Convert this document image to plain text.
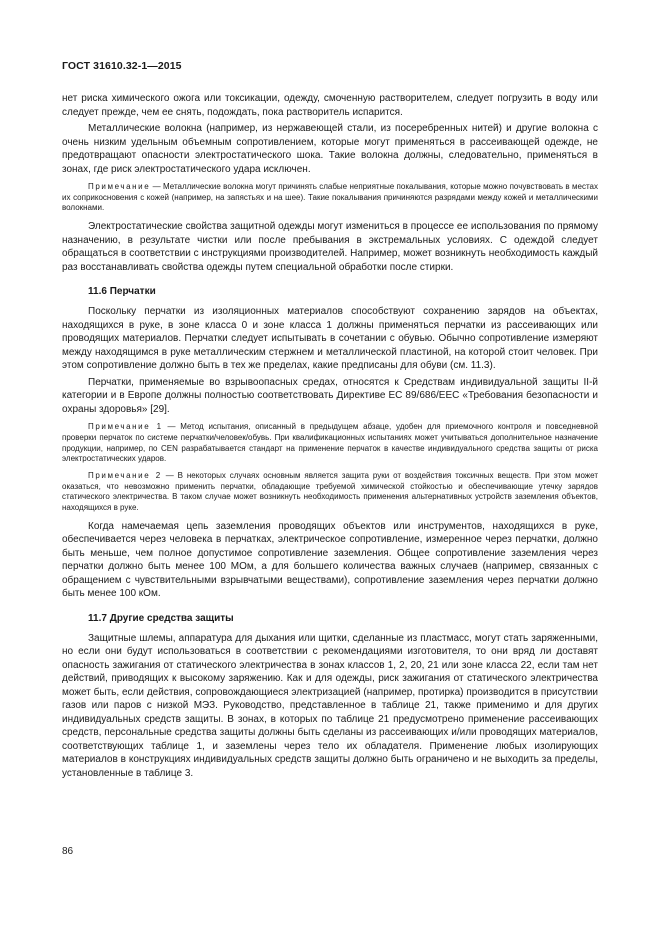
ГОСТ 31610.32-1—2015

нет риска химического ожога или токсикации, одежду, смоченную растворителем, следует погрузить в воду или следует прежде, чем ее снять, подождать, пока растворитель испарится.

Металлические волокна (например, из нержавеющей стали, из посеребренных нитей) и другие волокна с очень низким удельным объемным сопротивлением, которые могут применяться в рассеивающей одежде, не предотвращают опасности электростатического шока. Такие волокна должны, следовательно, применяться в зонах, где риск электростатического удара исключен.

Примечание — Металлические волокна могут причинять слабые неприятные покалывания, которые можно почувствовать в местах их соприкосновения с кожей (например, на запястьях и на шее). Такие покалывания причиняются разрядами между кожей и металлическими волокнами.

Электростатические свойства защитной одежды могут измениться в процессе ее использования по прямому назначению, в результате чистки или после пребывания в экстремальных условиях. С одеждой следует обращаться в соответствии с инструкциями производителей. Например, может возникнуть необходимость каждый раз восстанавливать свойства одежды путем специальной обработки после стирки.

11.6 Перчатки

Поскольку перчатки из изоляционных материалов способствуют сохранению зарядов на объектах, находящихся в руке, в зоне класса 0 и зоне класса 1 должны применяться перчатки из рассеивающих или проводящих материалов. Перчатки следует испытывать в сочетании с обувью. Обычно сопротивление измеряют между находящимся в руке металлическим стержнем и металлической пластиной, на которой стоит человек. При этом сопротивление должно быть в тех же пределах, какие предписаны для обуви (см. 11.3).

Перчатки, применяемые во взрывоопасных средах, относятся к Средствам индивидуальной защиты II-й категории и в Европе должны полностью соответствовать Директиве ЕС 89/686/EEC «Требования безопасности и охраны здоровья» [29].

Примечание 1 — Метод испытания, описанный в предыдущем абзаце, удобен для приемочного контроля и повседневной проверки перчаток по системе перчатки/человек/обувь. При квалификационных испытаниях может учитываться дополнительное назначение продукции, например, по CEN разрабатывается стандарт на применение перчаток в качестве индивидуального средства защиты от риска электростатических ударов.

Примечание 2 — В некоторых случаях основным является защита руки от воздействия токсичных веществ. При этом может оказаться, что невозможно применить перчатки, обладающие требуемой химической стойкостью и обеспечивающие утечку зарядов статического электричества. В таком случае может возникнуть необходимость применения альтернативных устройств заземления объектов, находящихся в руке.

Когда намечаемая цепь заземления проводящих объектов или инструментов, находящихся в руке, обеспечивается через человека в перчатках, электрическое сопротивление, измеренное через перчатки, должно быть меньше, чем полное допустимое сопротивление заземления. Общее сопротивление заземления через перчатки должно быть менее 100 МОм, а для большего количества важных случаев (например, связанных с обращением с чувствительными взрывчатыми веществами), сопротивление заземления через перчатки должно быть менее 100 кОм.

11.7 Другие средства защиты

Защитные шлемы, аппаратура для дыхания или щитки, сделанные из пластмасс, могут стать заряженными, но если они будут использоваться в соответствии с рекомендациями изготовителя, то они вряд ли доставят опасность зажигания от статического электричества в зонах классов 1, 2, 20, 21 или зоне класса 22, если там нет действий, приводящих к высокому заряжению. Как и для одежды, риск зажигания от статического электричества может быть, если действия, сопровождающиеся электризацией (например, протирка) производится в присутствии газов или паров с низкой МЭЗ. Руководство, представленное в таблице 21, также применимо и для других индивидуальных средств защиты. В зонах, в которых по таблице 21 предусмотрено применение рассеивающих средств, персональные средства защиты должны быть сделаны из рассеивающих и/или проводящих материалов, соответствующих таблице 1, и заземлены через тело их обладателя. Применение любых изолирующих материалов в конструкциях индивидуальных средств защиты должно быть ограничено и не выходить за пределы, установленные в таблице 3.

86
